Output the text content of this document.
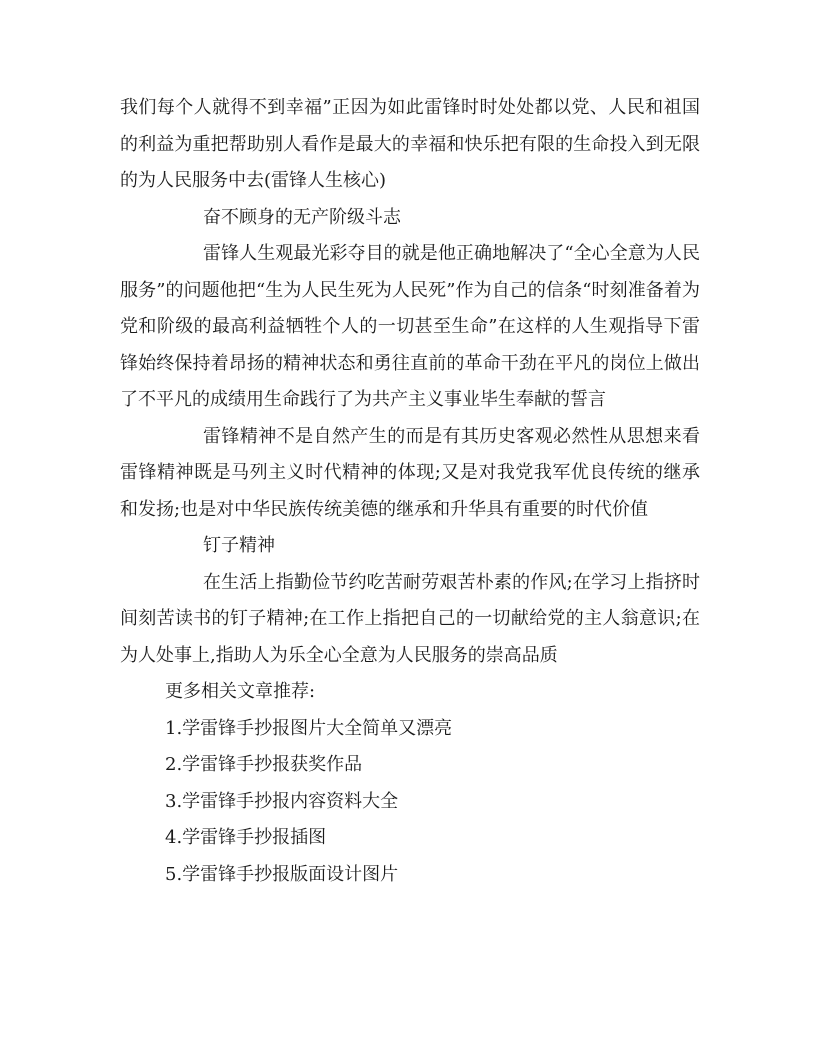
我们每个人就得不到幸福”正因为如此雷锋时时处处都以党、人民和祖国的利益为重把帮助别人看作是最大的幸福和快乐把有限的生命投入到无限的为人民服务中去(雷锋人生核心)

奋不顾身的无产阶级斗志

雷锋人生观最光彩夺目的就是他正确地解决了“全心全意为人民服务”的问题他把“生为人民生死为人民死”作为自己的信条“时刻准备着为党和阶级的最高利益牺牲个人的一切甚至生命”在这样的人生观指导下雷锋始终保持着昂扬的精神状态和勇往直前的革命干劲在平凡的岗位上做出了不平凡的成绩用生命践行了为共产主义事业毕生奉献的誓言

雷锋精神不是自然产生的而是有其历史客观必然性从思想来看雷锋精神既是马列主义时代精神的体现;又是对我党我军优良传统的继承和发扬;也是对中华民族传统美德的继承和升华具有重要的时代价值

钉子精神

在生活上指勤俭节约吃苦耐劳艰苦朴素的作风;在学习上指挤时间刻苦读书的钉子精神;在工作上指把自己的一切献给党的主人翁意识;在为人处事上,指助人为乐全心全意为人民服务的崇高品质

更多相关文章推荐:

1.学雷锋手抄报图片大全简单又漂亮
2.学雷锋手抄报获奖作品
3.学雷锋手抄报内容资料大全
4.学雷锋手抄报插图
5.学雷锋手抄报版面设计图片
